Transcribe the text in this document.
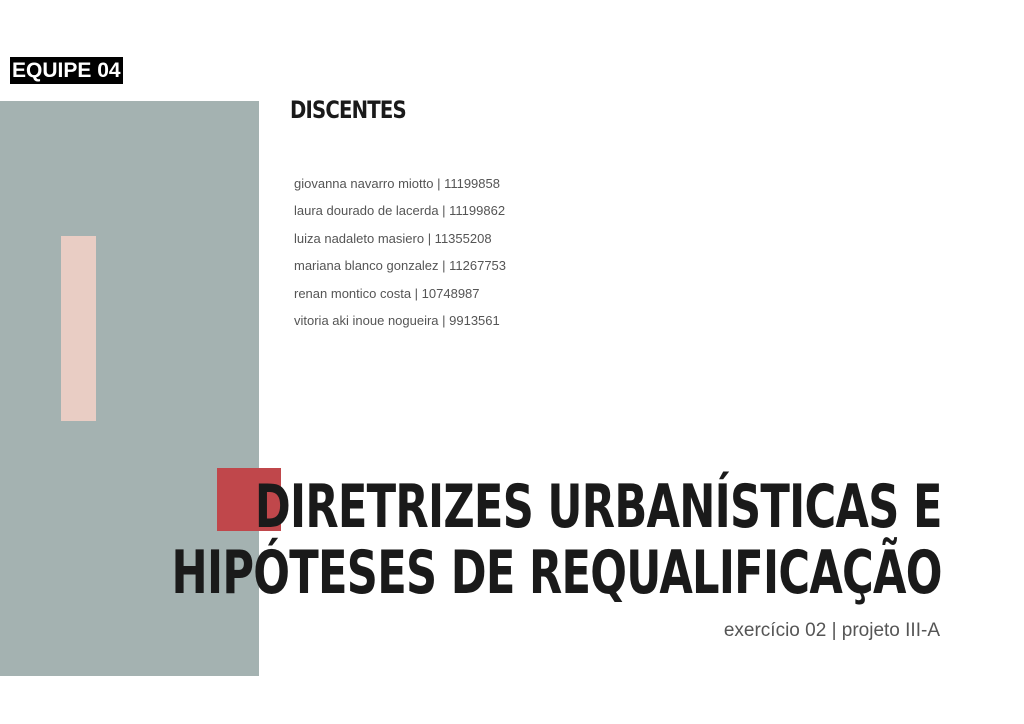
EQUIPE 04
DISCENTES
giovanna navarro miotto | 11199858
laura dourado de lacerda | 11199862
luiza nadaleto masiero | 11355208
mariana blanco gonzalez | 11267753
renan montico costa | 10748987
vitoria aki inoue nogueira | 9913561
DIRETRIZES URBANÍSTICAS E
HIPÓTESES DE REQUALIFICAÇÃO
exercício 02 | projeto III-A
